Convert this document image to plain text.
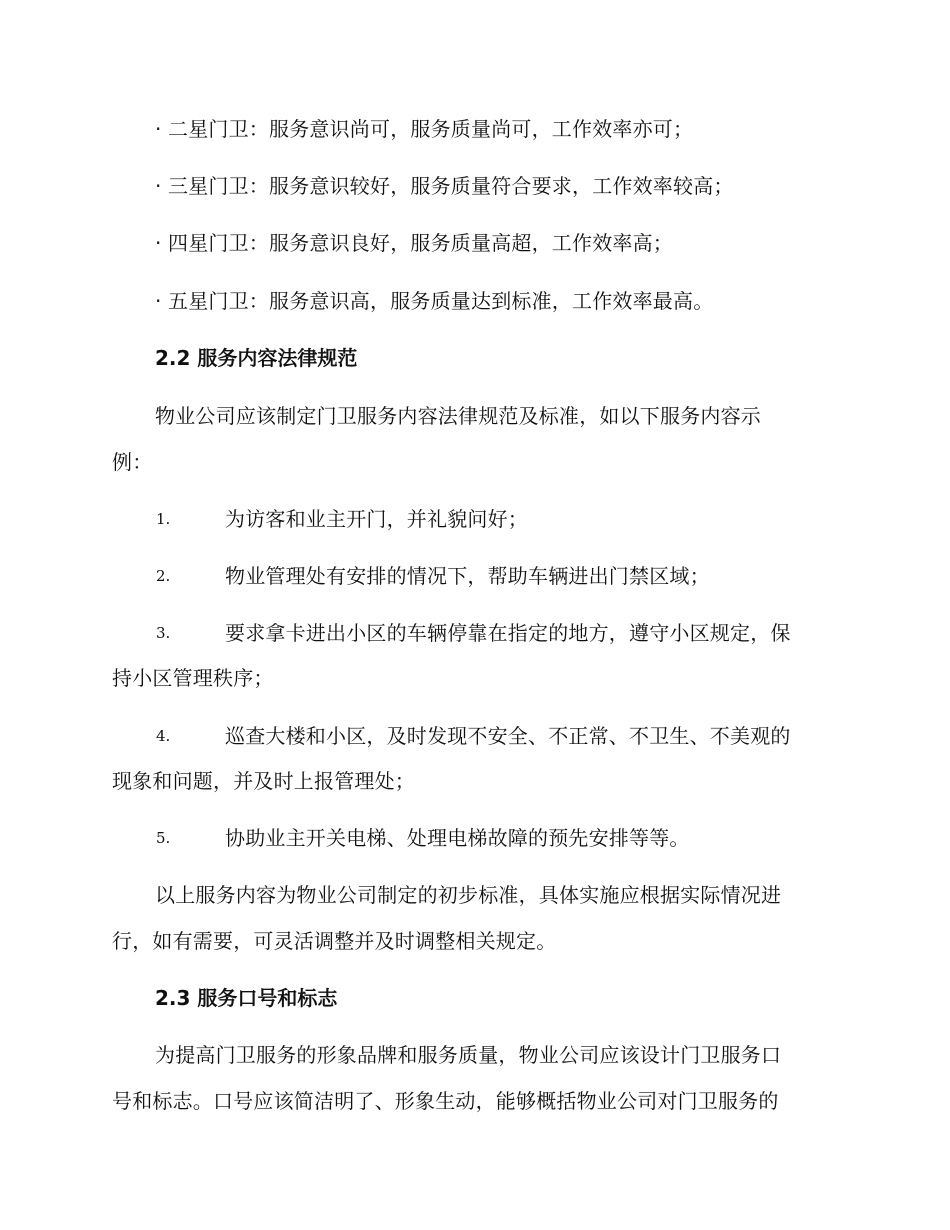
· 二星门卫：服务意识尚可，服务质量尚可，工作效率亦可；
· 三星门卫：服务意识较好，服务质量符合要求，工作效率较高；
· 四星门卫：服务意识良好，服务质量高超，工作效率高；
· 五星门卫：服务意识高，服务质量达到标准，工作效率最高。
2.2 服务内容法律规范
物业公司应该制定门卫服务内容法律规范及标准，如以下服务内容示
例：
1.	为访客和业主开门，并礼貌问好；
2.	物业管理处有安排的情况下，帮助车辆进出门禁区域；
3.	要求拿卡进出小区的车辆停靠在指定的地方，遵守小区规定，保
持小区管理秩序；
4.	巡查大楼和小区，及时发现不安全、不正常、不卫生、不美观的
现象和问题，并及时上报管理处；
5.	协助业主开关电梯、处理电梯故障的预先安排等等。
以上服务内容为物业公司制定的初步标准，具体实施应根据实际情况进
行，如有需要，可灵活调整并及时调整相关规定。
2.3 服务口号和标志
为提高门卫服务的形象品牌和服务质量，物业公司应该设计门卫服务口
号和标志。口号应该简洁明了、形象生动，能够概括物业公司对门卫服务的
